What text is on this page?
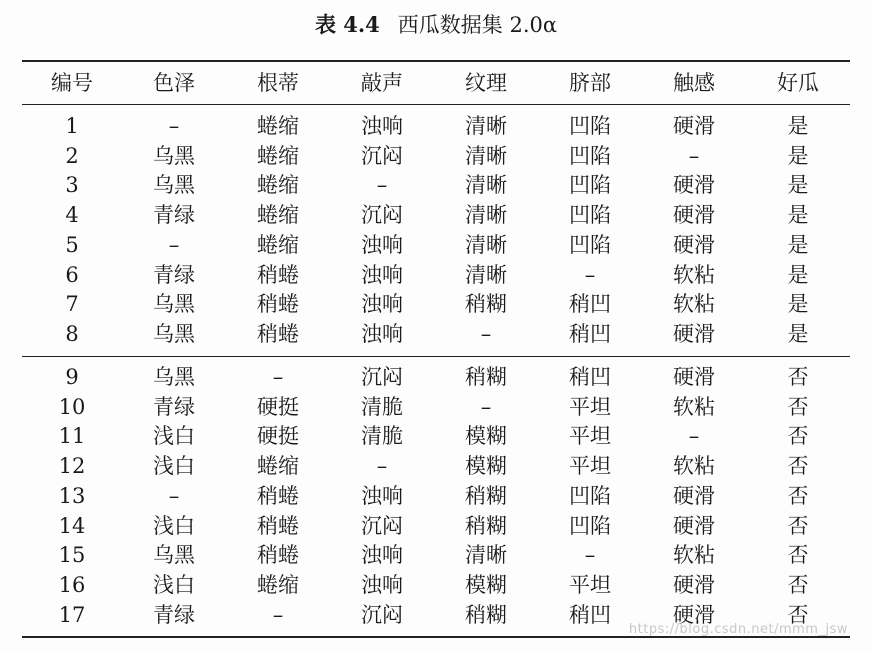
表 4.4 西瓜数据集 2.0α
编号	色泽	根蒂	敲声	纹理	脐部	触感	好瓜
1	–	蜷缩	浊响	清晰	凹陷	硬滑	是
2	乌黑	蜷缩	沉闷	清晰	凹陷	–	是
3	乌黑	蜷缩	–	清晰	凹陷	硬滑	是
4	青绿	蜷缩	沉闷	清晰	凹陷	硬滑	是
5	–	蜷缩	浊响	清晰	凹陷	硬滑	是
6	青绿	稍蜷	浊响	清晰	–	软粘	是
7	乌黑	稍蜷	浊响	稍糊	稍凹	软粘	是
8	乌黑	稍蜷	浊响	–	稍凹	硬滑	是
9	乌黑	–	沉闷	稍糊	稍凹	硬滑	否
10	青绿	硬挺	清脆	–	平坦	软粘	否
11	浅白	硬挺	清脆	模糊	平坦	–	否
12	浅白	蜷缩	–	模糊	平坦	软粘	否
13	–	稍蜷	浊响	稍糊	凹陷	硬滑	否
14	浅白	稍蜷	沉闷	稍糊	凹陷	硬滑	否
15	乌黑	稍蜷	浊响	清晰	–	软粘	否
16	浅白	蜷缩	浊响	模糊	平坦	硬滑	否
17	青绿	–	沉闷	稍糊	稍凹	硬滑	否
https://blog.csdn.net/mmm_jsw
